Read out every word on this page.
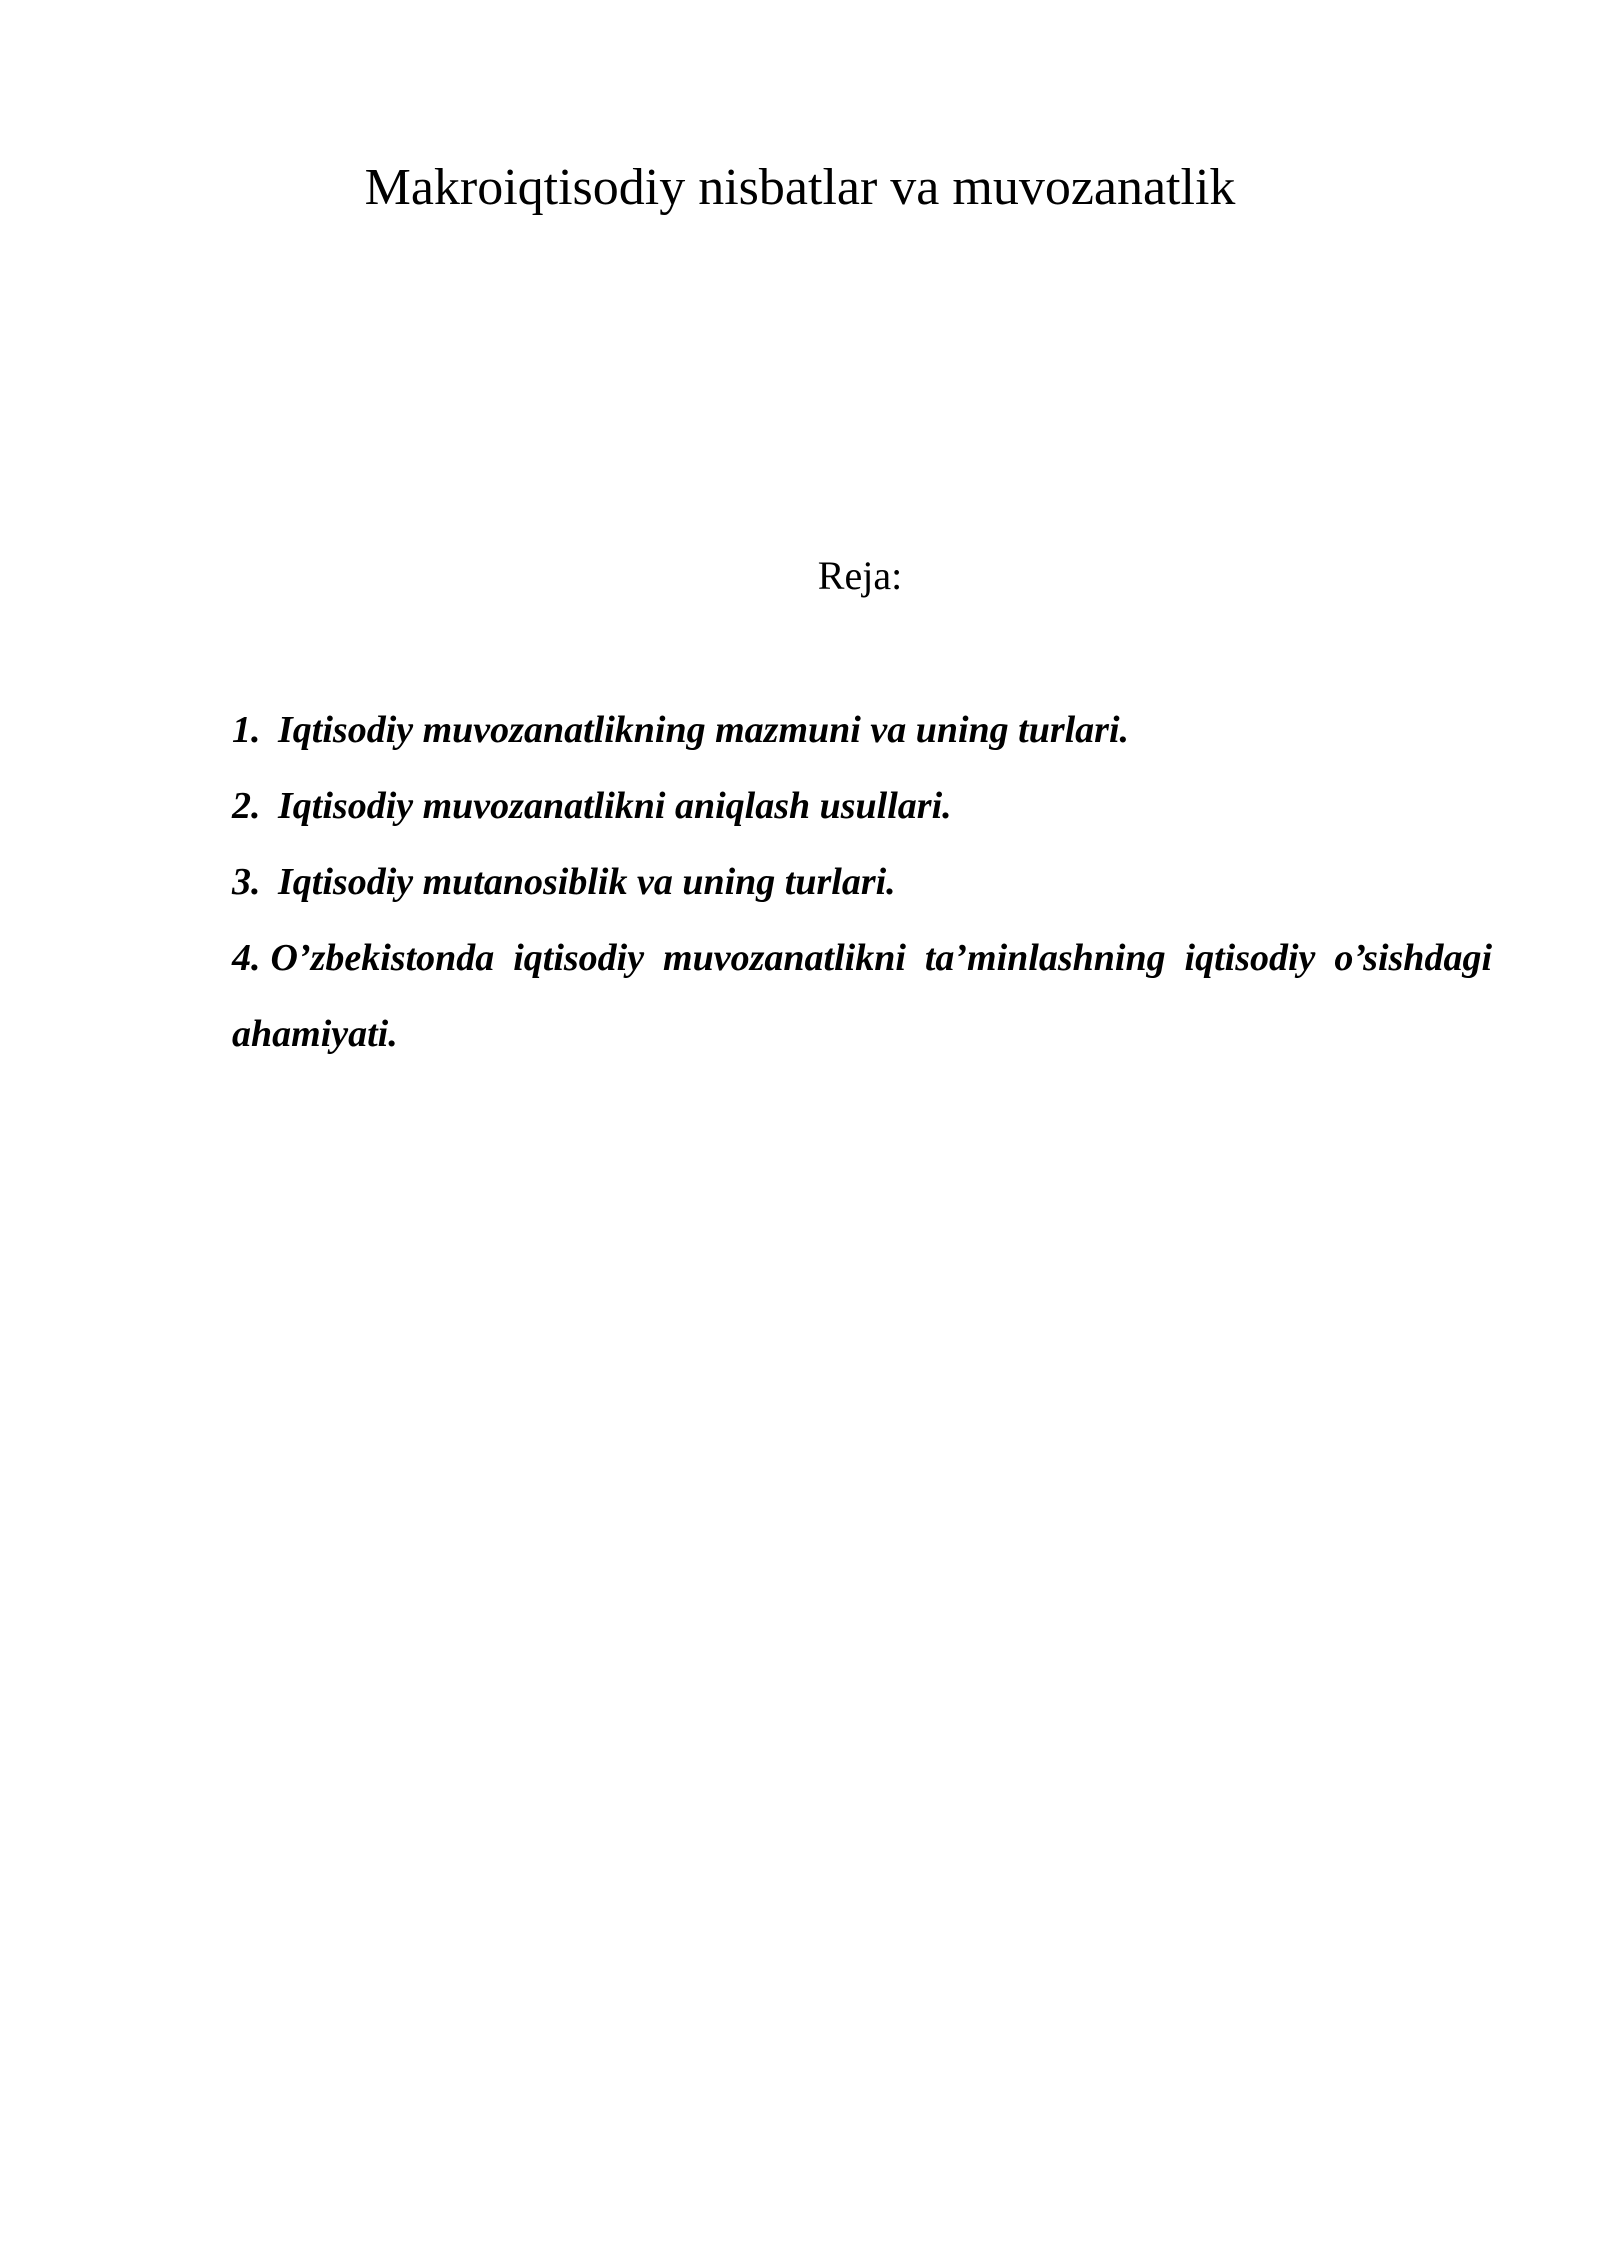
Makroiqtisodiy nisbatlar va muvozanatlik
Reja:
1. Iqtisodiy muvozanatlikning mazmuni va uning turlari.
2. Iqtisodiy muvozanatlikni aniqlash usullari.
3. Iqtisodiy mutanosiblik va uning turlari.
4. O’zbekistonda iqtisodiy muvozanatlikni ta’minlashning iqtisodiy o’sishdagi ahamiyati.
